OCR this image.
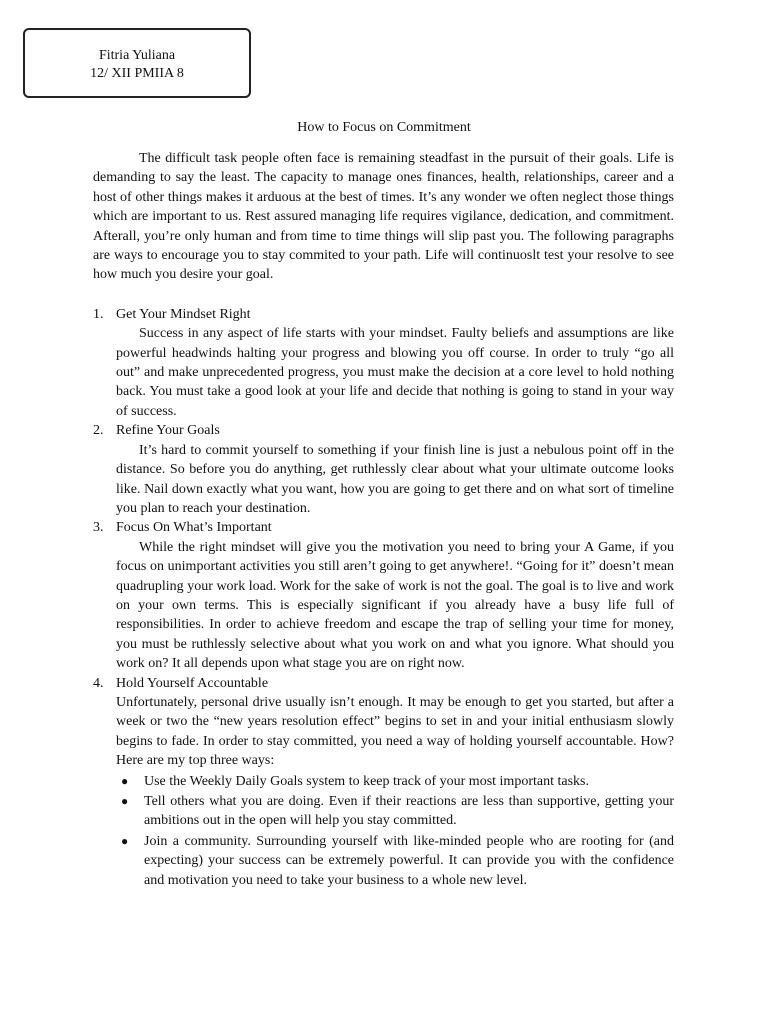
Fitria Yuliana
12/ XII PMIIA 8
How to Focus on Commitment

The difficult task people often face is remaining steadfast in the pursuit of their goals. Life is demanding to say the least. The capacity to manage ones finances, health, relationships, career and a host of other things makes it arduous at the best of times. It’s any wonder we often neglect those things which are important to us. Rest assured managing life requires vigilance, dedication, and commitment. Afterall, you’re only human and from time to time things will slip past you. The following paragraphs are ways to encourage you to stay commited to your path. Life will continuoslt test your resolve to see how much you desire your goal.

1. Get Your Mindset Right

Success in any aspect of life starts with your mindset. Faulty beliefs and assumptions are like powerful headwinds halting your progress and blowing you off course. In order to truly “go all out” and make unprecedented progress, you must make the decision at a core level to hold nothing back. You must take a good look at your life and decide that nothing is going to stand in your way of success.

2. Refine Your Goals

It’s hard to commit yourself to something if your finish line is just a nebulous point off in the distance. So before you do anything, get ruthlessly clear about what your ultimate outcome looks like. Nail down exactly what you want, how you are going to get there and on what sort of timeline you plan to reach your destination.

3. Focus On What’s Important

While the right mindset will give you the motivation you need to bring your A Game, if you focus on unimportant activities you still aren’t going to get anywhere!. “Going for it” doesn’t mean quadrupling your work load. Work for the sake of work is not the goal. The goal is to live and work on your own terms. This is especially significant if you already have a busy life full of responsibilities. In order to achieve freedom and escape the trap of selling your time for money, you must be ruthlessly selective about what you work on and what you ignore. What should you work on? It all depends upon what stage you are on right now.

4. Hold Yourself Accountable

Unfortunately, personal drive usually isn’t enough. It may be enough to get you started, but after a week or two the “new years resolution effect” begins to set in and your initial enthusiasm slowly begins to fade. In order to stay committed, you need a way of holding yourself accountable. How? Here are my top three ways:

● Use the Weekly Daily Goals system to keep track of your most important tasks.
● Tell others what you are doing. Even if their reactions are less than supportive, getting your ambitions out in the open will help you stay committed.
● Join a community. Surrounding yourself with like-minded people who are rooting for (and expecting) your success can be extremely powerful. It can provide you with the confidence and motivation you need to take your business to a whole new level.
